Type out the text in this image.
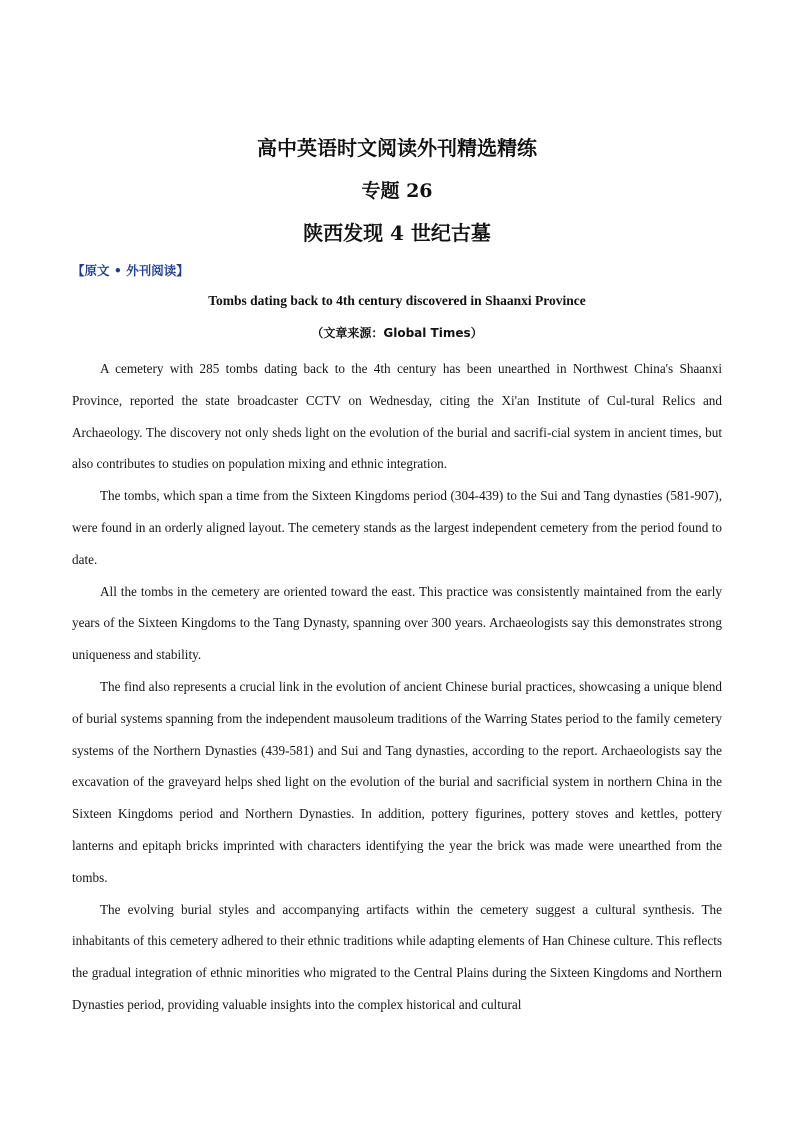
高中英语时文阅读外刊精选精练
专题 26
陕西发现 4 世纪古墓
【原文 • 外刊阅读】
Tombs dating back to 4th century discovered in Shaanxi Province
（文章来源：Global Times）

A cemetery with 285 tombs dating back to the 4th century has been unearthed in Northwest China's Shaanxi Province, reported the state broadcaster CCTV on Wednesday, citing the Xi'an Institute of Cul-tural Relics and Archaeology. The discovery not only sheds light on the evolution of the burial and sacrifi-cial system in ancient times, but also contributes to studies on population mixing and ethnic integration.

The tombs, which span a time from the Sixteen Kingdoms period (304-439) to the Sui and Tang dynasties (581-907), were found in an orderly aligned layout. The cemetery stands as the largest independent cemetery from the period found to date.

All the tombs in the cemetery are oriented toward the east. This practice was consistently maintained from the early years of the Sixteen Kingdoms to the Tang Dynasty, spanning over 300 years. Archaeologists say this demonstrates strong uniqueness and stability.

The find also represents a crucial link in the evolution of ancient Chinese burial practices, showcasing a unique blend of burial systems spanning from the independent mausoleum traditions of the Warring States period to the family cemetery systems of the Northern Dynasties (439-581) and Sui and Tang dynasties, according to the report. Archaeologists say the excavation of the graveyard helps shed light on the evolution of the burial and sacrificial system in northern China in the Sixteen Kingdoms period and Northern Dynasties. In addition, pottery figurines, pottery stoves and kettles, pottery lanterns and epitaph bricks imprinted with characters identifying the year the brick was made were unearthed from the tombs.

The evolving burial styles and accompanying artifacts within the cemetery suggest a cultural synthesis. The inhabitants of this cemetery adhered to their ethnic traditions while adapting elements of Han Chinese culture. This reflects the gradual integration of ethnic minorities who migrated to the Central Plains during the Sixteen Kingdoms and Northern Dynasties period, providing valuable insights into the complex historical and cultural
